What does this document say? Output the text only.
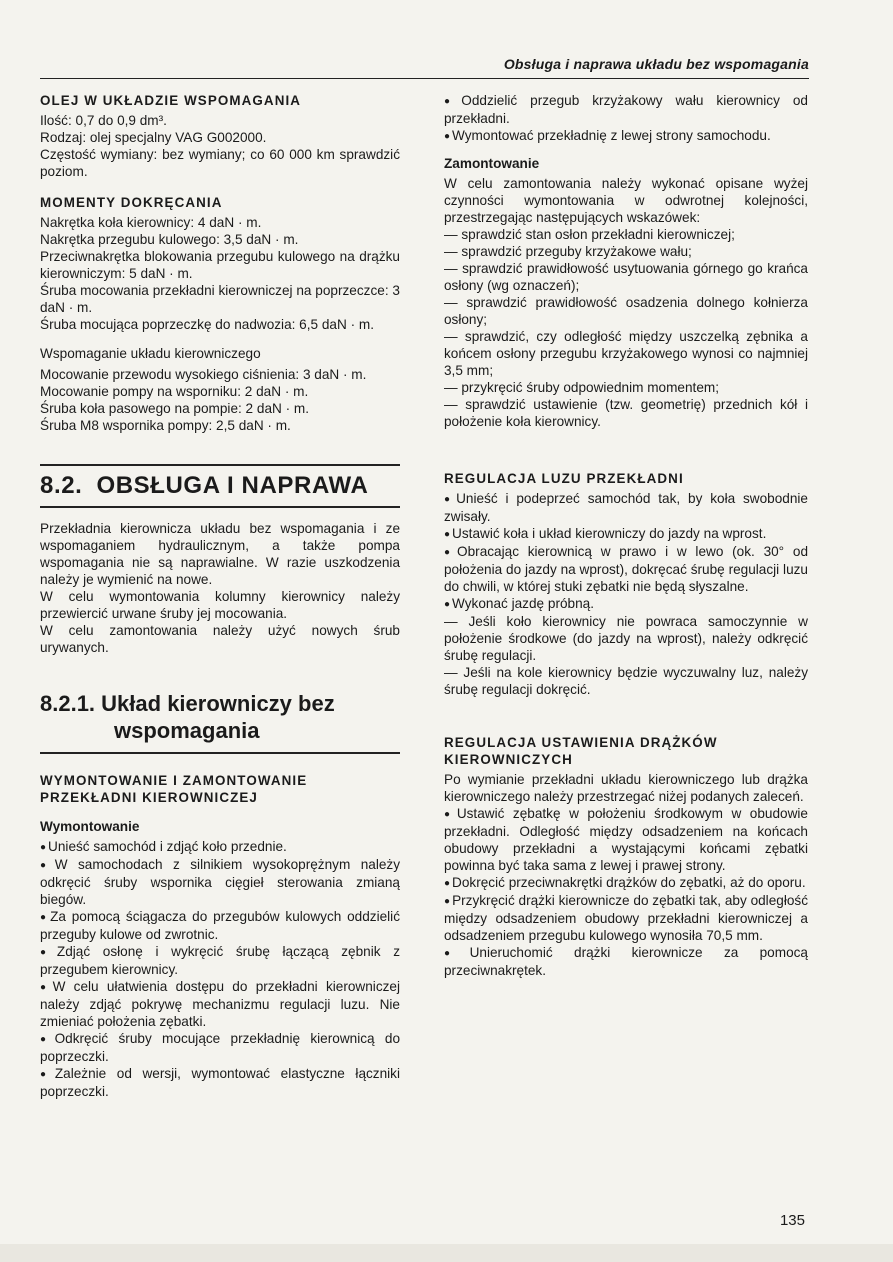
Obsługa i naprawa układu bez wspomagania
OLEJ W UKŁADZIE WSPOMAGANIA

Ilość: 0,7 do 0,9 dm³.

Rodzaj: olej specjalny VAG G002000.

Częstość wymiany: bez wymiany; co 60 000 km sprawdzić poziom.

MOMENTY DOKRĘCANIA

Nakrętka koła kierownicy: 4 daN · m.

Nakrętka przegubu kulowego: 3,5 daN · m.

Przeciwnakrętka blokowania przegubu kulowego na drążku kierowniczym: 5 daN · m.

Śruba mocowania przekładni kierowniczej na poprzeczce: 3 daN · m.

Śruba mocująca poprzeczkę do nadwozia: 6,5 daN · m.

Wspomaganie układu kierowniczego

Mocowanie przewodu wysokiego ciśnienia: 3 daN · m.

Mocowanie pompy na wsporniku: 2 daN · m.

Śruba koła pasowego na pompie: 2 daN · m.

Śruba M8 wspornika pompy: 2,5 daN · m.

8.2. OBSŁUGA I NAPRAWA

Przekładnia kierownicza układu bez wspomagania i ze wspomaganiem hydraulicznym, a także pompa wspomagania nie są naprawialne. W razie uszkodzenia należy je wymienić na nowe.

W celu wymontowania kolumny kierownicy należy przewiercić urwane śruby jej mocowania.

W celu zamontowania należy użyć nowych śrub urywanych.

8.2.1. Układ kierowniczy bez
wspomagania
WYMONTOWANIE I ZAMONTOWANIE PRZEKŁADNI KIEROWNICZEJ
Wymontowanie

● Unieść samochód i zdjąć koło przednie.

● W samochodach z silnikiem wysokoprężnym należy odkręcić śruby wspornika cięgieł sterowania zmianą biegów.

● Za pomocą ściągacza do przegubów kulowych oddzielić przeguby kulowe od zwrotnic.

● Zdjąć osłonę i wykręcić śrubę łączącą zębnik z przegubem kierownicy.

● W celu ułatwienia dostępu do przekładni kierowniczej należy zdjąć pokrywę mechanizmu regulacji luzu. Nie zmieniać położenia zębatki.

● Odkręcić śruby mocujące przekładnię kierownicą do poprzeczki.

● Zależnie od wersji, wymontować elastyczne łączniki poprzeczki.

● Oddzielić przegub krzyżakowy wału kierownicy od przekładni.

● Wymontować przekładnię z lewej strony samochodu.

Zamontowanie

W celu zamontowania należy wykonać opisane wyżej czynności wymontowania w odwrotnej kolejności, przestrzegając następujących wskazówek:

— sprawdzić stan osłon przekładni kierowniczej;

— sprawdzić przeguby krzyżakowe wału;

— sprawdzić prawidłowość usytuowania górnego go krańca osłony (wg oznaczeń);

— sprawdzić prawidłowość osadzenia dolnego kołnierza osłony;

— sprawdzić, czy odległość między uszczelką zębnika a końcem osłony przegubu krzyżakowego wynosi co najmniej 3,5 mm;

— przykręcić śruby odpowiednim momentem;

— sprawdzić ustawienie (tzw. geometrię) przednich kół i położenie koła kierownicy.

REGULACJA LUZU PRZEKŁADNI

● Unieść i podeprzeć samochód tak, by koła swobodnie zwisały.

● Ustawić koła i układ kierowniczy do jazdy na wprost.

● Obracając kierownicą w prawo i w lewo (ok. 30° od położenia do jazdy na wprost), dokręcać śrubę regulacji luzu do chwili, w której stuki zębatki nie będą słyszalne.

● Wykonać jazdę próbną.

— Jeśli koło kierownicy nie powraca samoczynnie w położenie środkowe (do jazdy na wprost), należy odkręcić śrubę regulacji.

— Jeśli na kole kierownicy będzie wyczuwalny luz, należy śrubę regulacji dokręcić.

REGULACJA USTAWIENIA DRĄŻKÓW KIEROWNICZYCH

Po wymianie przekładni układu kierowniczego lub drążka kierowniczego należy przestrzegać niżej podanych zaleceń.

● Ustawić zębatkę w położeniu środkowym w obudowie przekładni. Odległość między odsadzeniem na końcach obudowy przekładni a wystającymi końcami zębatki powinna być taka sama z lewej i prawej strony.

● Dokręcić przeciwnakrętki drążków do zębatki, aż do oporu.

● Przykręcić drążki kierownicze do zębatki tak, aby odległość między odsadzeniem obudowy przekładni kierowniczej a odsadzeniem przegubu kulowego wynosiła 70,5 mm.

● Unieruchomić drążki kierownicze za pomocą przeciwnakrętek.

135
